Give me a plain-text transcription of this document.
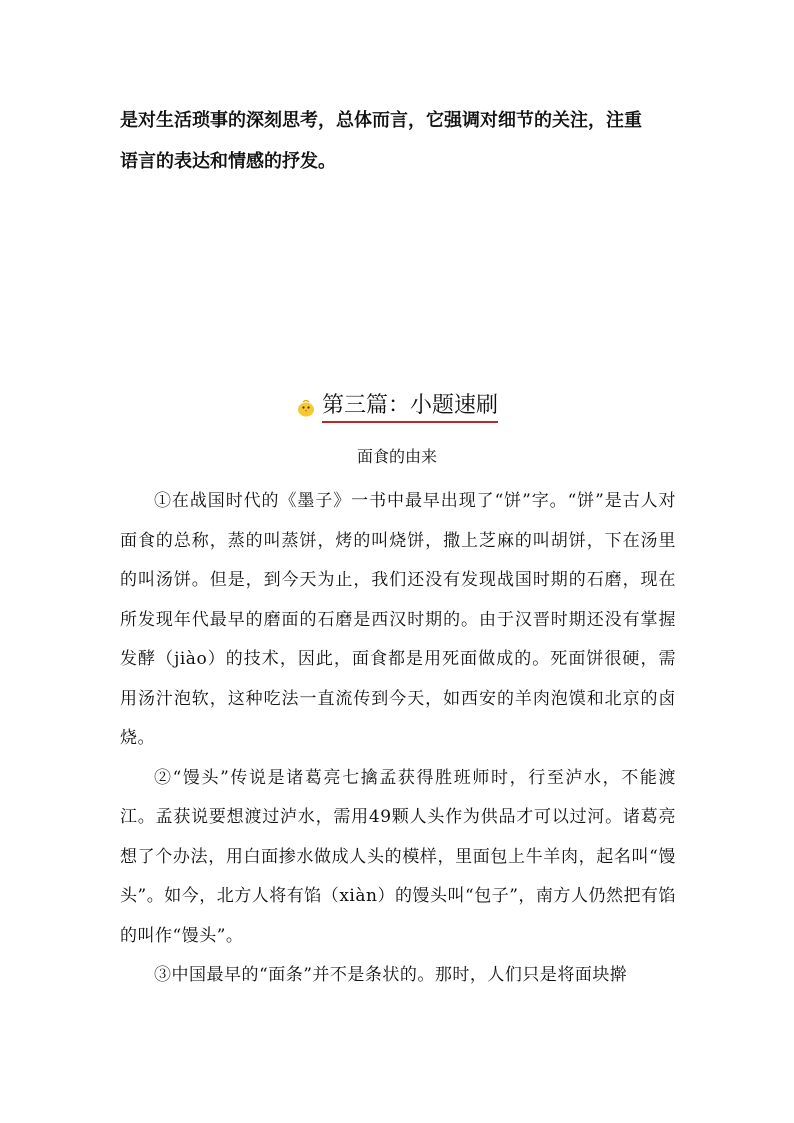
是对生活琐事的深刻思考，总体而言，它强调对细节的关注，注重

语言的表达和情感的抒发。

第三篇：小题速刷
面食的由来

①在战国时代的《墨子》一书中最早出现了“饼”字。“饼”是古人对面食的总称，蒸的叫蒸饼，烤的叫烧饼，撒上芝麻的叫胡饼，下在汤里的叫汤饼。但是，到今天为止，我们还没有发现战国时期的石磨，现在所发现年代最早的磨面的石磨是西汉时期的。由于汉晋时期还没有掌握发酵（jiào）的技术，因此，面食都是用死面做成的。死面饼很硬，需用汤汁泡软，这种吃法一直流传到今天，如西安的羊肉泡馍和北京的卤烧。

②“馒头”传说是诸葛亮七擒孟获得胜班师时，行至泸水，不能渡江。孟获说要想渡过泸水，需用49颗人头作为供品才可以过河。诸葛亮想了个办法，用白面掺水做成人头的模样，里面包上牛羊肉，起名叫“馒头”。如今，北方人将有馅（xiàn）的馒头叫“包子”，南方人仍然把有馅的叫作“馒头”。

③中国最早的“面条”并不是条状的。那时，人们只是将面块擀
